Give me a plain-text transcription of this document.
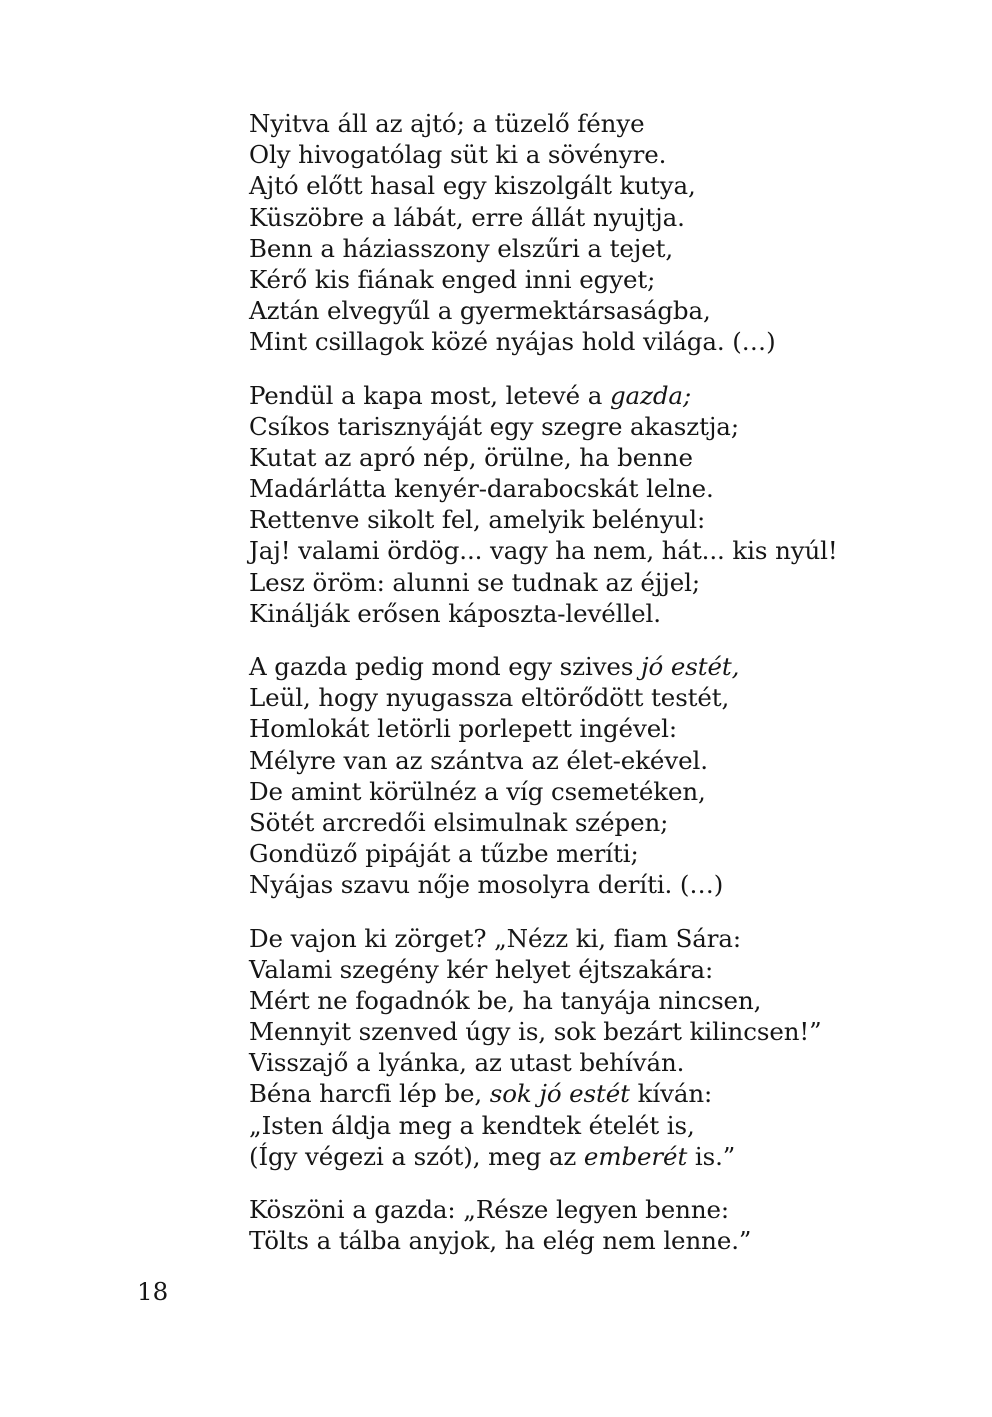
Nyitva áll az ajtó; a tüzelő fénye
Oly hivogatólag süt ki a sövényre.
Ajtó előtt hasal egy kiszolgált kutya,
Küszöbre a lábát, erre állát nyujtja.
Benn a háziasszony elszűri a tejet,
Kérő kis fiának enged inni egyet;
Aztán elvegyűl a gyermektársaságba,
Mint csillagok közé nyájas hold világa. (…)
Pendül a kapa most, letevé a gazda;
Csíkos tarisznyáját egy szegre akasztja;
Kutat az apró nép, örülne, ha benne
Madárlátta kenyér-darabocskát lelne.
Rettenve sikolt fel, amelyik belényul:
Jaj! valami ördög... vagy ha nem, hát... kis nyúl!
Lesz öröm: alunni se tudnak az éjjel;
Kinálják erősen káposzta-levéllel.
A gazda pedig mond egy szives jó estét,
Leül, hogy nyugassza eltörődött testét,
Homlokát letörli porlepett ingével:
Mélyre van az szántva az élet-ekével.
De amint körülnéz a víg csemetéken,
Sötét arcredői elsimulnak szépen;
Gondüző pipáját a tűzbe meríti;
Nyájas szavu nője mosolyra deríti. (…)
De vajon ki zörget? „Nézz ki, fiam Sára:
Valami szegény kér helyet éjtszakára:
Mért ne fogadnók be, ha tanyája nincsen,
Mennyit szenved úgy is, sok bezárt kilincsen!”
Visszajő a lyánka, az utast behíván.
Béna harcfi lép be, sok jó estét kíván:
„Isten áldja meg a kendtek ételét is,
(Így végezi a szót), meg az emberét is.”
Köszöni a gazda: „Része legyen benne:
Tölts a tálba anyjok, ha elég nem lenne.”
18
